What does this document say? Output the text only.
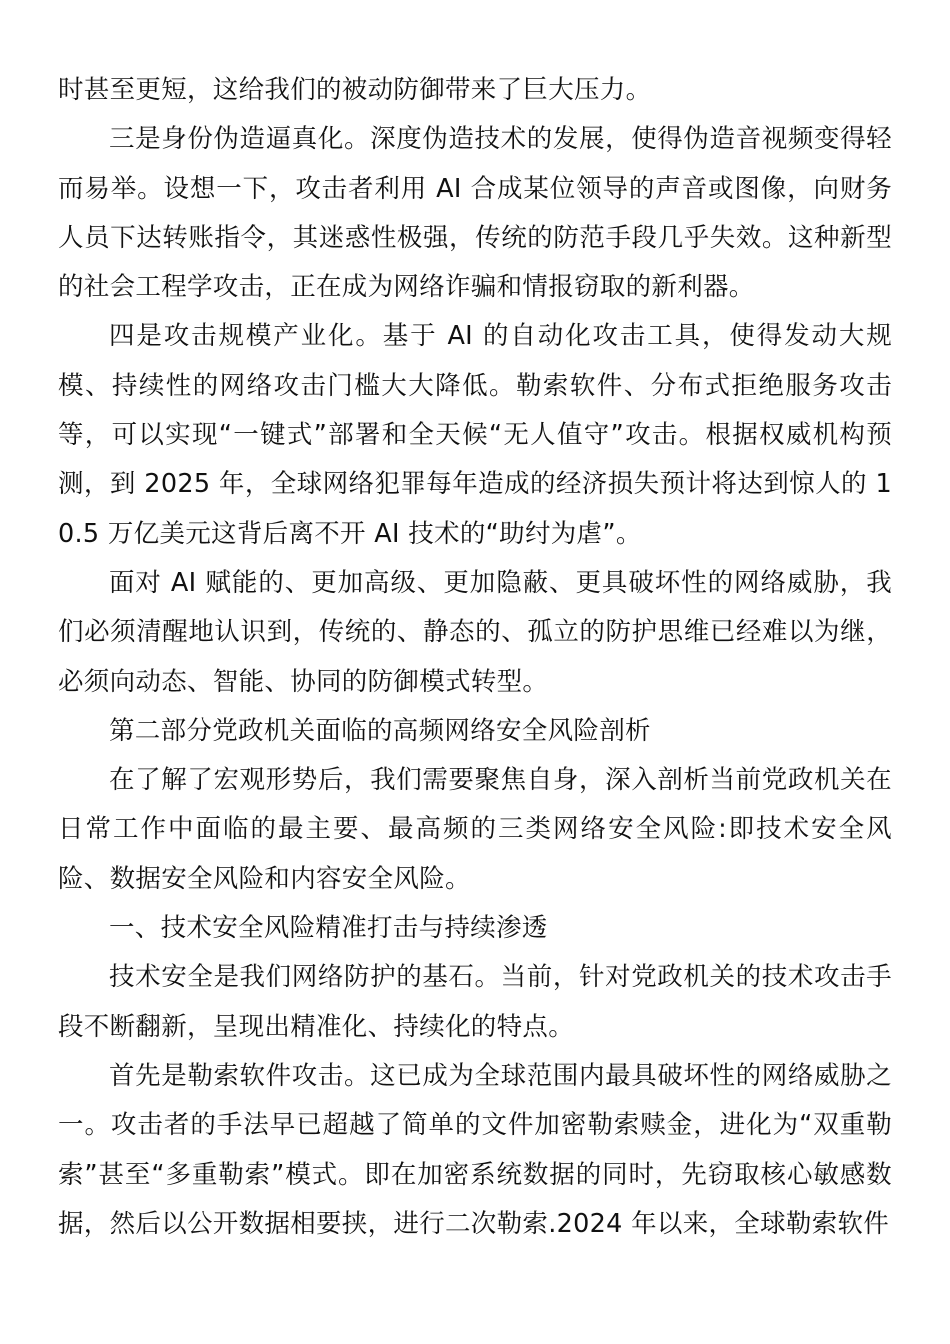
时甚至更短，这给我们的被动防御带来了巨大压力。

三是身份伪造逼真化。深度伪造技术的发展，使得伪造音视频变得轻而易举。设想一下，攻击者利用 AI 合成某位领导的声音或图像，向财务人员下达转账指令，其迷惑性极强，传统的防范手段几乎失效。这种新型的社会工程学攻击，正在成为网络诈骗和情报窃取的新利器。

四是攻击规模产业化。基于 AI 的自动化攻击工具，使得发动大规模、持续性的网络攻击门槛大大降低。勒索软件、分布式拒绝服务攻击等，可以实现“一键式”部署和全天候“无人值守”攻击。根据权威机构预测，到 2025 年，全球网络犯罪每年造成的经济损失预计将达到惊人的 10.5 万亿美元这背后离不开 AI 技术的“助纣为虐”。

面对 AI 赋能的、更加高级、更加隐蔽、更具破坏性的网络威胁，我们必须清醒地认识到，传统的、静态的、孤立的防护思维已经难以为继，必须向动态、智能、协同的防御模式转型。

第二部分党政机关面临的高频网络安全风险剖析

在了解了宏观形势后，我们需要聚焦自身，深入剖析当前党政机关在日常工作中面临的最主要、最高频的三类网络安全风险:即技术安全风险、数据安全风险和内容安全风险。

一、技术安全风险精准打击与持续渗透

技术安全是我们网络防护的基石。当前，针对党政机关的技术攻击手段不断翻新，呈现出精准化、持续化的特点。

首先是勒索软件攻击。这已成为全球范围内最具破坏性的网络威胁之一。攻击者的手法早已超越了简单的文件加密勒索赎金，进化为“双重勒索”甚至“多重勒索”模式。即在加密系统数据的同时，先窃取核心敏感数据，然后以公开数据相要挟，进行二次勒索.2024 年以来，全球勒索软件
